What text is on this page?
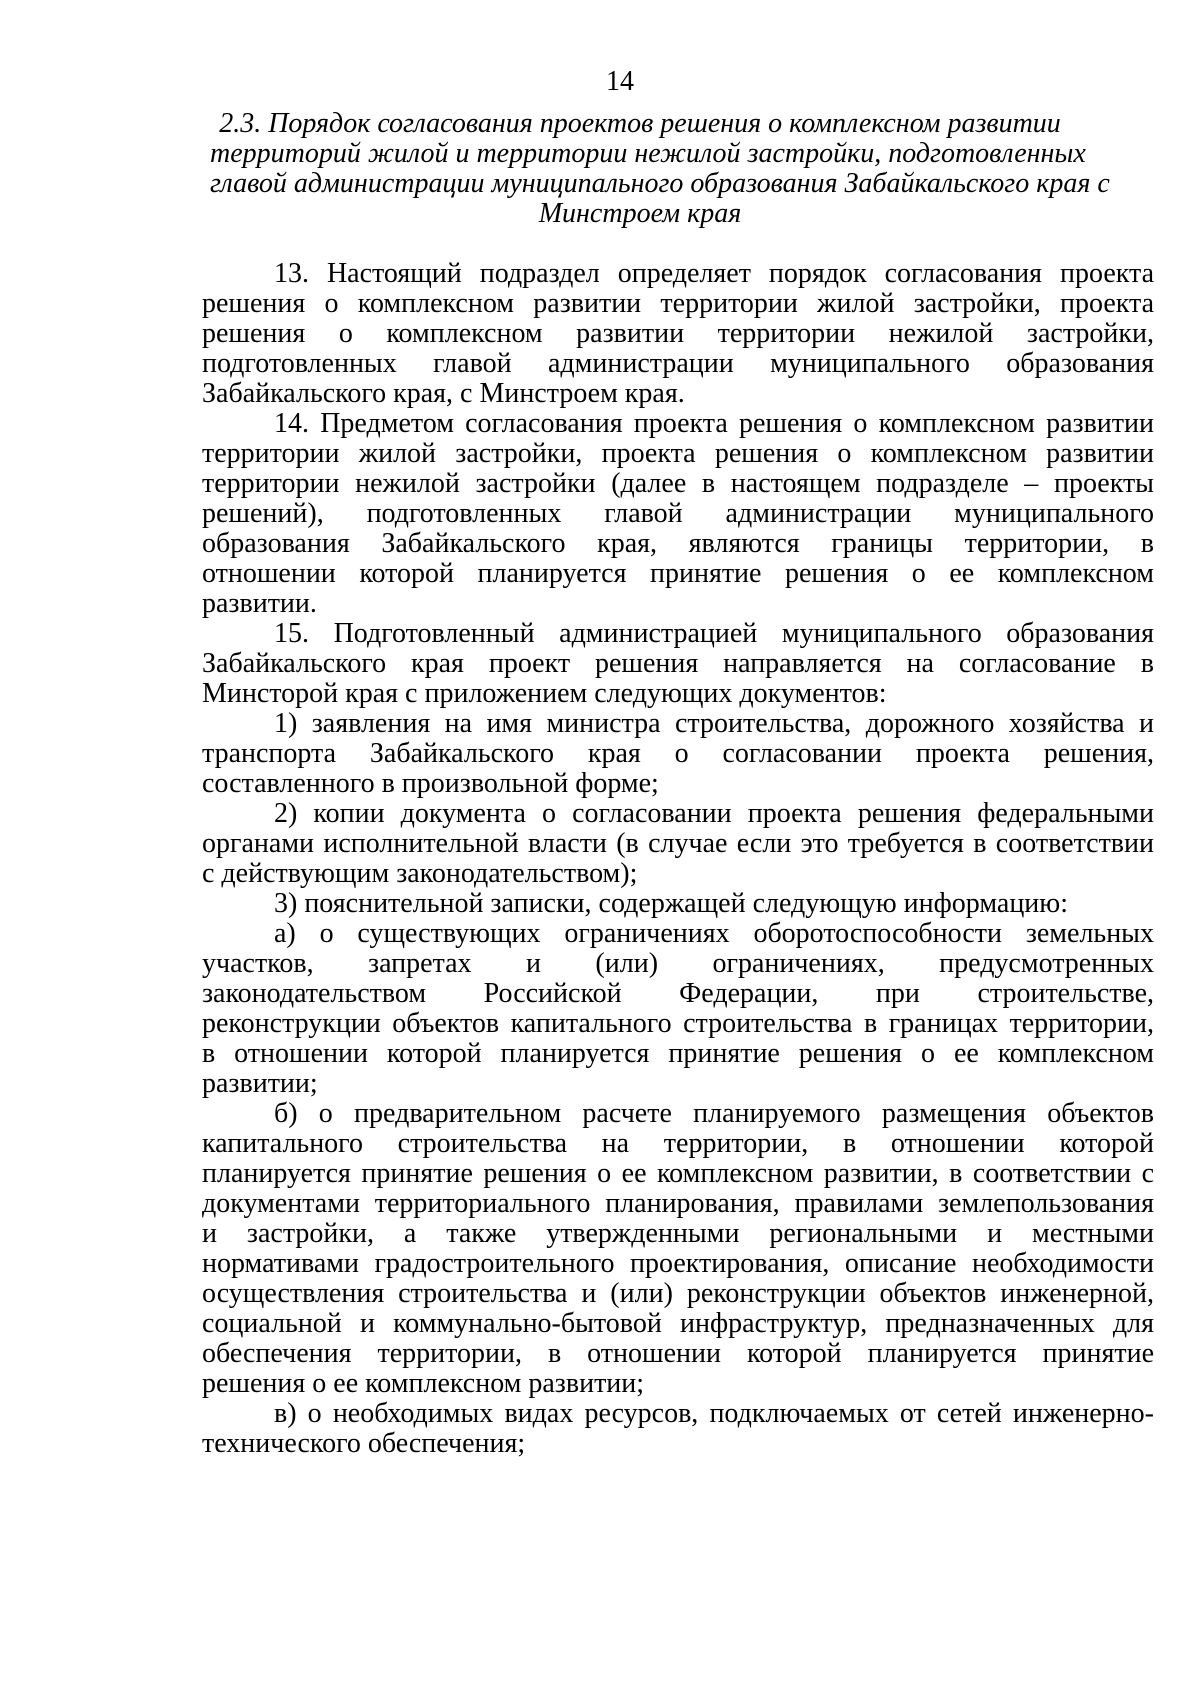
14
2.3. Порядок согласования проектов решения о комплексном развитии
территорий жилой и территории нежилой застройки, подготовленных
главой администрации муниципального образования Забайкальского края с
Минстроем края
13. Настоящий подраздел определяет порядок согласования проекта
решения о комплексном развитии территории жилой застройки, проекта
решения о комплексном развитии территории нежилой застройки,
подготовленных главой администрации муниципального образования
Забайкальского края, с Минстроем края.
14. Предметом согласования проекта решения о комплексном развитии
территории жилой застройки, проекта решения о комплексном развитии
территории нежилой застройки (далее в настоящем подразделе – проекты
решений), подготовленных главой администрации муниципального
образования Забайкальского края, являются границы территории, в
отношении которой планируется принятие решения о ее комплексном
развитии.
15. Подготовленный администрацией муниципального образования
Забайкальского края проект решения направляется на согласование в
Минсторой края с приложением следующих документов:
1) заявления на имя министра строительства, дорожного хозяйства и
транспорта Забайкальского края о согласовании проекта решения,
составленного в произвольной форме;
2) копии документа о согласовании проекта решения федеральными
органами исполнительной власти (в случае если это требуется в соответствии
с действующим законодательством);
3) пояснительной записки, содержащей следующую информацию:
а) о существующих ограничениях оборотоспособности земельных
участков, запретах и (или) ограничениях, предусмотренных
законодательством Российской Федерации, при строительстве,
реконструкции объектов капитального строительства в границах территории,
в отношении которой планируется принятие решения о ее комплексном
развитии;
б) о предварительном расчете планируемого размещения объектов
капитального строительства на территории, в отношении которой
планируется принятие решения о ее комплексном развитии, в соответствии с
документами территориального планирования, правилами землепользования
и застройки, а также утвержденными региональными и местными
нормативами градостроительного проектирования, описание необходимости
осуществления строительства и (или) реконструкции объектов инженерной,
социальной и коммунально-бытовой инфраструктур, предназначенных для
обеспечения территории, в отношении которой планируется принятие
решения о ее комплексном развитии;
в) о необходимых видах ресурсов, подключаемых от сетей инженерно-
технического обеспечения;
